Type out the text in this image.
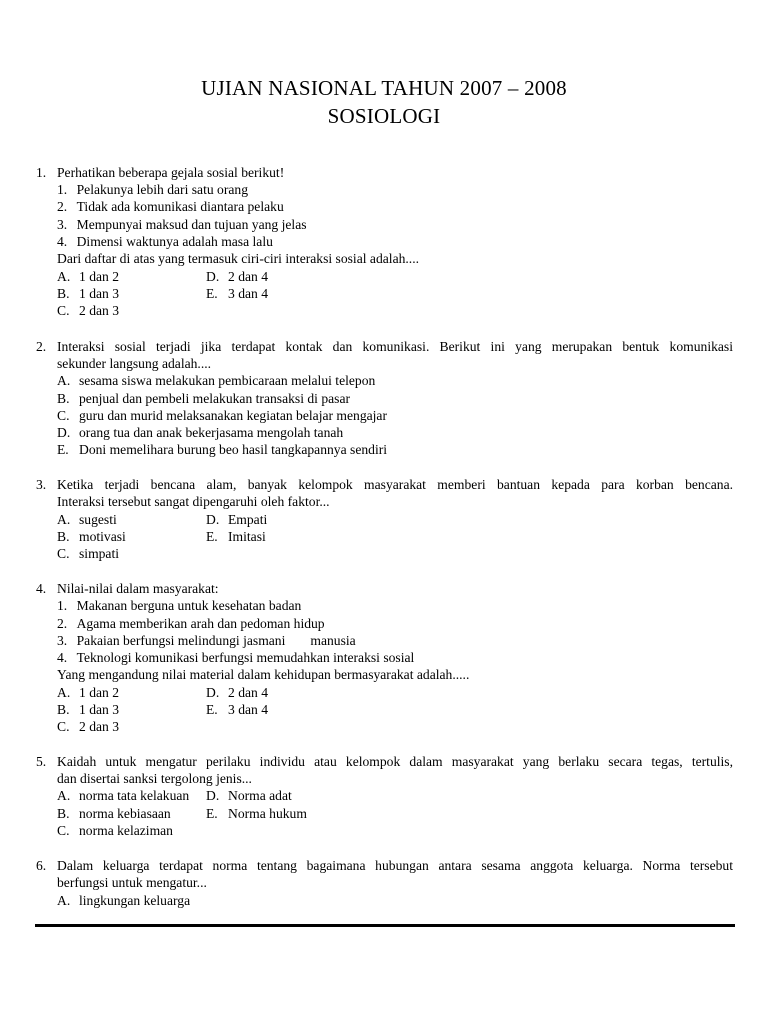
UJIAN NASIONAL TAHUN 2007 – 2008
SOSIOLOGI
1. Perhatikan beberapa gejala sosial berikut!
1. Pelakunya lebih dari satu orang
2. Tidak ada komunikasi diantara pelaku
3. Mempunyai maksud dan tujuan yang jelas
4. Dimensi waktunya adalah masa lalu
Dari daftar di atas yang termasuk ciri-ciri interaksi sosial adalah....
A. 1 dan 2
B. 1 dan 3
C. 2 dan 3
D. 2 dan 4
E. 3 dan 4
2. Interaksi sosial terjadi jika terdapat kontak dan komunikasi. Berikut ini yang merupakan bentuk komunikasi
sekunder langsung adalah....
A. sesama siswa melakukan pembicaraan melalui telepon
B. penjual dan pembeli melakukan transaksi di pasar
C. guru dan murid melaksanakan kegiatan belajar mengajar
D. orang tua dan anak bekerjasama mengolah tanah
E. Doni memelihara burung beo hasil tangkapannya sendiri
3. Ketika terjadi bencana alam, banyak kelompok masyarakat memberi bantuan kepada para korban bencana.
Interaksi tersebut sangat dipengaruhi oleh faktor...
A. sugesti
B. motivasi
C. simpati
D. Empati
E. Imitasi
4. Nilai-nilai dalam masyarakat:
1. Makanan berguna untuk kesehatan badan
2. Agama memberikan arah dan pedoman hidup
3. Pakaian berfungsi melindungi jasmani manusia
4. Teknologi komunikasi berfungsi memudahkan interaksi sosial
Yang mengandung nilai material dalam kehidupan bermasyarakat adalah.....
A. 1 dan 2
B. 1 dan 3
C. 2 dan 3
D. 2 dan 4
E. 3 dan 4
5. Kaidah untuk mengatur perilaku individu atau kelompok dalam masyarakat yang berlaku secara tegas, tertulis,
dan disertai sanksi tergolong jenis...
A. norma tata kelakuan
B. norma kebiasaan
C. norma kelaziman
D. Norma adat
E. Norma hukum
6. Dalam keluarga terdapat norma tentang bagaimana hubungan antara sesama anggota keluarga. Norma tersebut
berfungsi untuk mengatur...
A. lingkungan keluarga
